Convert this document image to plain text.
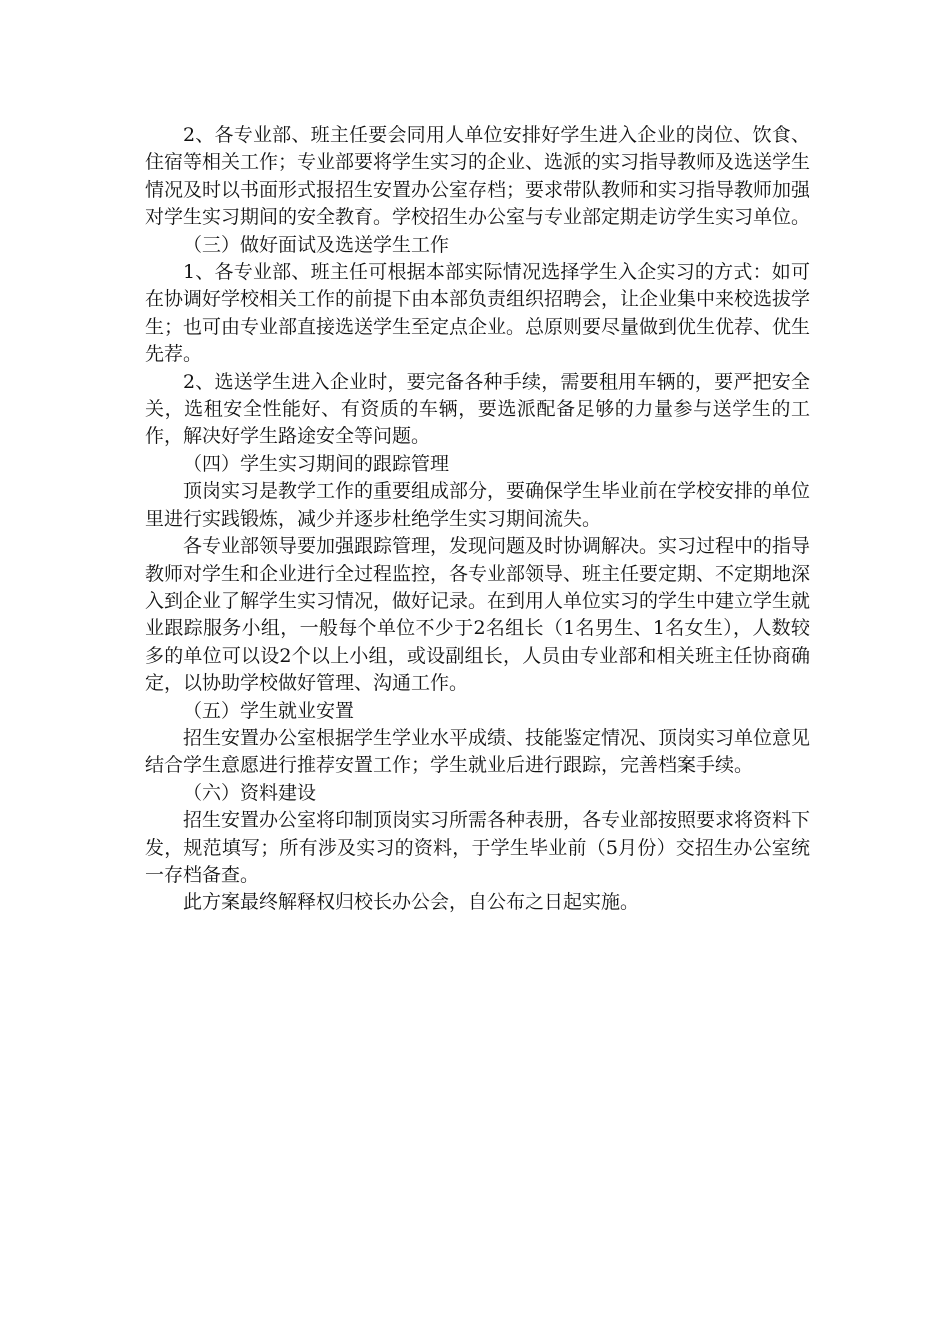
2、各专业部、班主任要会同用人单位安排好学生进入企业的岗位、饮食、住宿等相关工作；专业部要将学生实习的企业、选派的实习指导教师及选送学生情况及时以书面形式报招生安置办公室存档；要求带队教师和实习指导教师加强对学生实习期间的安全教育。学校招生办公室与专业部定期走访学生实习单位。

（三）做好面试及选送学生工作

1、各专业部、班主任可根据本部实际情况选择学生入企实习的方式：如可在协调好学校相关工作的前提下由本部负责组织招聘会，让企业集中来校选拔学生；也可由专业部直接选送学生至定点企业。总原则要尽量做到优生优荐、优生先荐。

2、选送学生进入企业时，要完备各种手续，需要租用车辆的，要严把安全关，选租安全性能好、有资质的车辆，要选派配备足够的力量参与送学生的工作，解决好学生路途安全等问题。

（四）学生实习期间的跟踪管理

顶岗实习是教学工作的重要组成部分，要确保学生毕业前在学校安排的单位里进行实践锻炼，减少并逐步杜绝学生实习期间流失。

各专业部领导要加强跟踪管理，发现问题及时协调解决。实习过程中的指导教师对学生和企业进行全过程监控，各专业部领导、班主任要定期、不定期地深入到企业了解学生实习情况，做好记录。在到用人单位实习的学生中建立学生就业跟踪服务小组，一般每个单位不少于2名组长（1名男生、1名女生），人数较多的单位可以设2个以上小组，或设副组长，人员由专业部和相关班主任协商确定，以协助学校做好管理、沟通工作。

（五）学生就业安置

招生安置办公室根据学生学业水平成绩、技能鉴定情况、顶岗实习单位意见结合学生意愿进行推荐安置工作；学生就业后进行跟踪，完善档案手续。

（六）资料建设

招生安置办公室将印制顶岗实习所需各种表册，各专业部按照要求将资料下发，规范填写；所有涉及实习的资料，于学生毕业前（5月份）交招生办公室统一存档备查。

此方案最终解释权归校长办公会，自公布之日起实施。
